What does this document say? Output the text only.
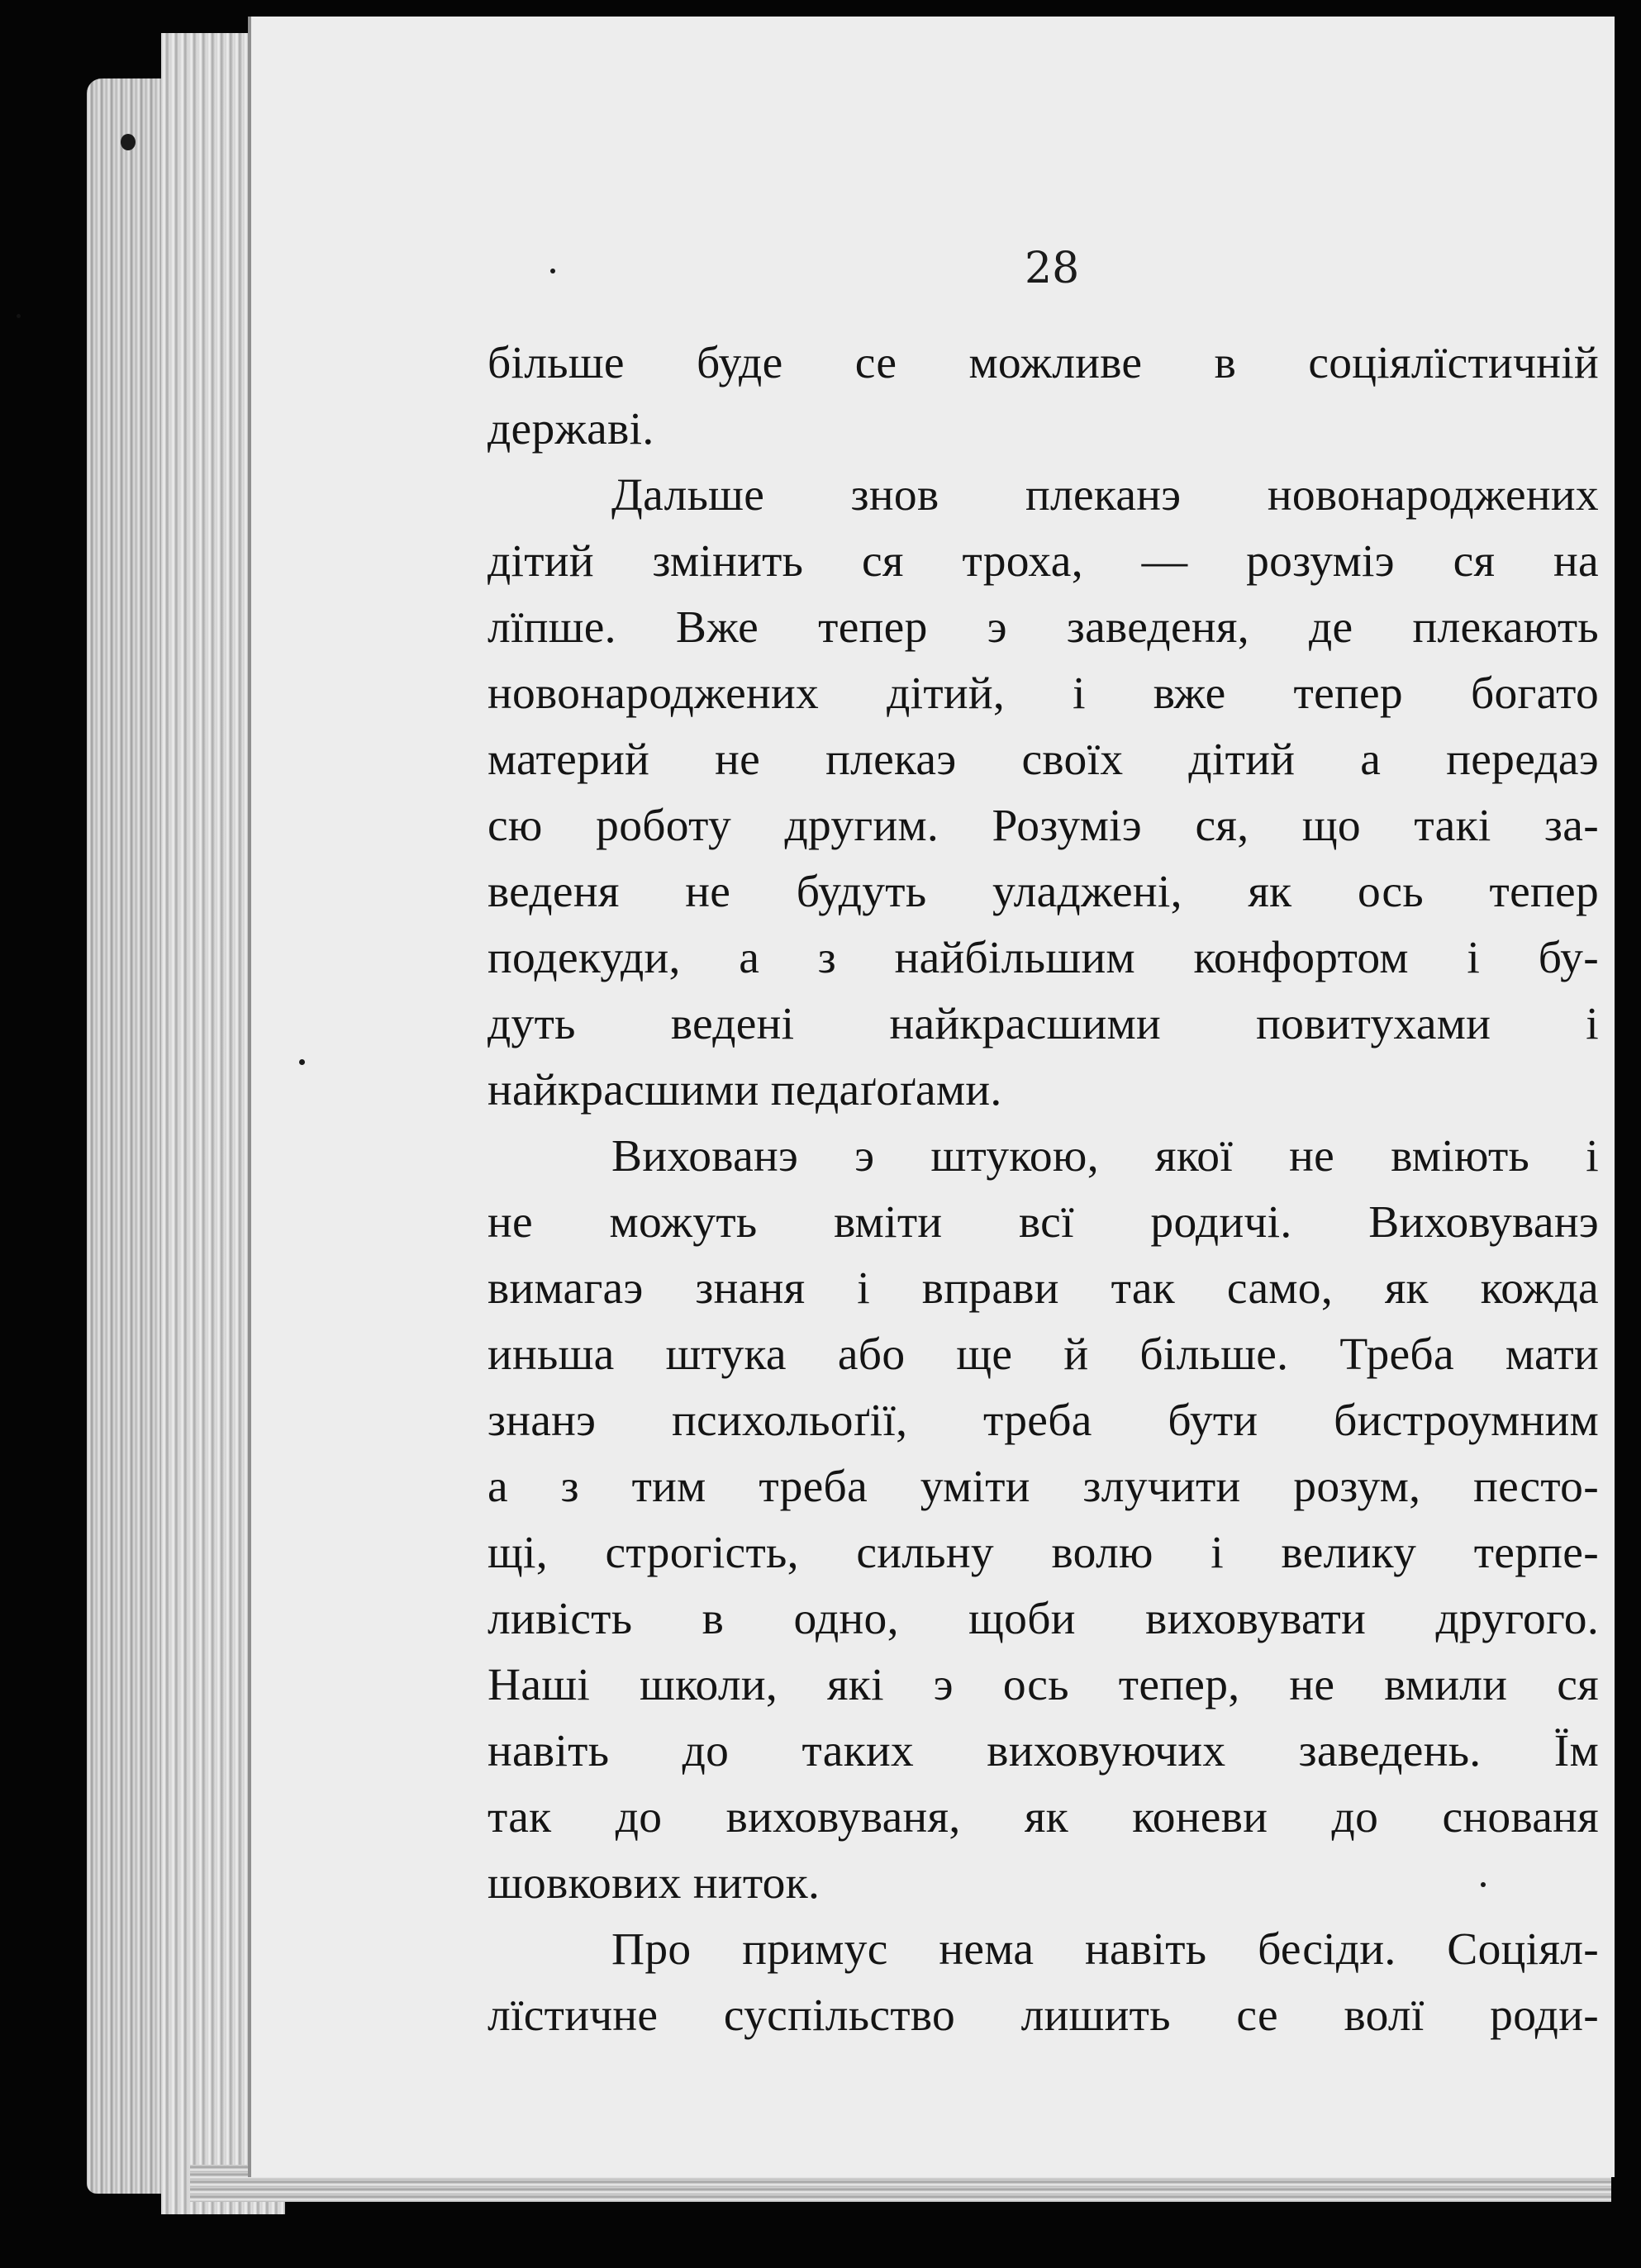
28
більше буде се можливе в соціялїстичній
державі.
Дальше знов плеканэ новонароджених
дітий змінить ся троха, — розуміэ ся на
лїпше. Вже тепер э заведеня, де плекають
новонароджених дітий, і вже тепер богато
материй не плекаэ своїх дітий а передаэ
сю роботу другим. Розуміэ ся, що такі за-
веденя не будуть уладжені, як ось тепер
подекуди, а з найбільшим конфортом і бу-
дуть ведені найкрасшими повитухами і
найкрасшими педаґоґами.
Вихованэ э штукою, якої не вміють і
не можуть вміти всї родичі. Виховуванэ
вимагаэ знаня і вправи так само, як кожда
иньша штука або ще й більше. Треба мати
знанэ психольоґії, треба бути бистроумним
а з тим треба уміти злучити розум, песто-
щі, строгість, сильну волю і велику терпе-
ливість в одно, щоби виховувати другого.
Наші школи, які э ось тепер, не вмили ся
навіть до таких виховуючих заведень. Їм
так до виховуваня, як коневи до снованя
шовкових ниток.
Про примус нема навіть бесіди. Соціял-
лїстичне суспільство лишить се волї роди-
